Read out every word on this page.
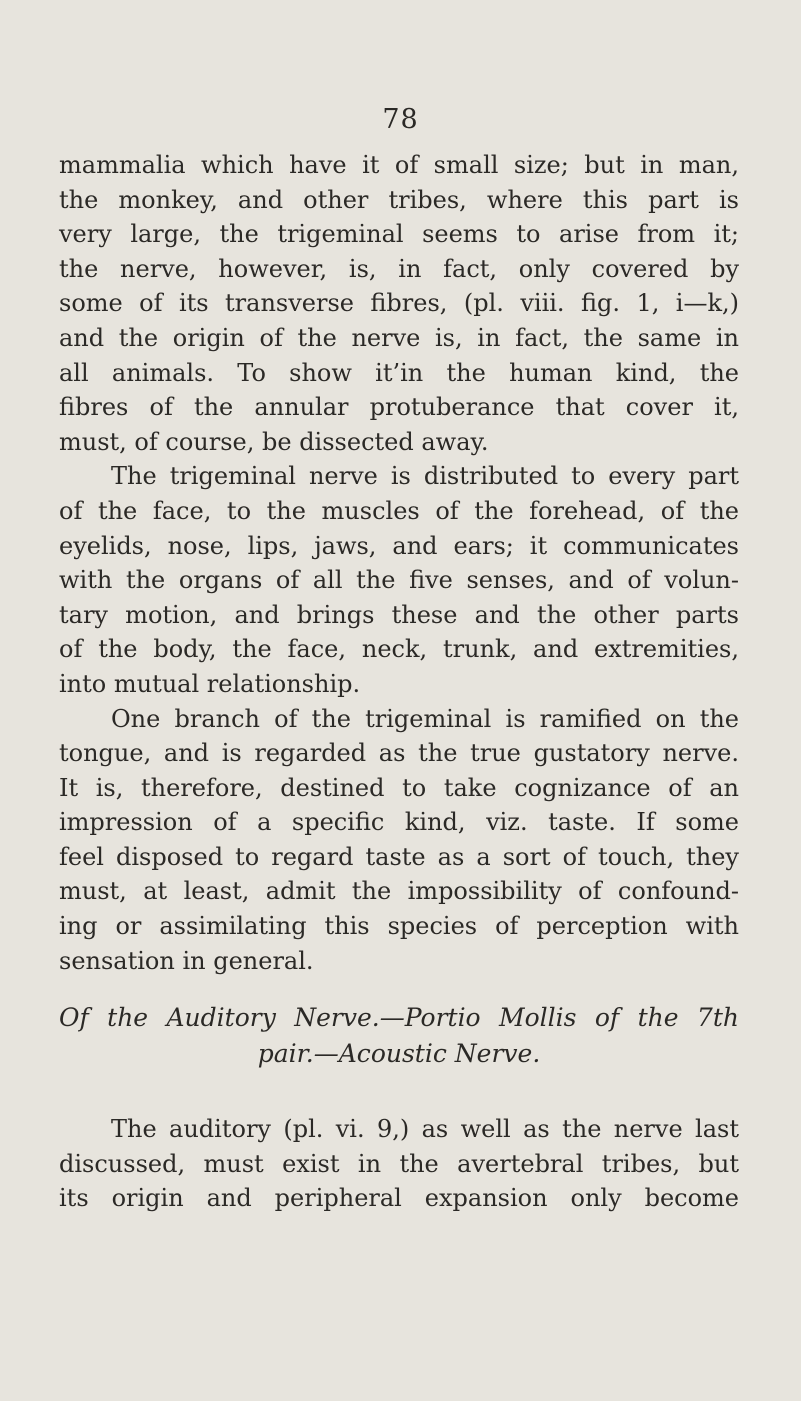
78

mammalia which have it of small size; but in man,
the monkey, and other tribes, where this part is
very large, the trigeminal seems to arise from it;
the nerve, however, is, in fact, only covered by
some of its transverse fibres, (pl. viii. fig. 1, i—k,)
and the origin of the nerve is, in fact, the same in
all animals. To show it’in the human kind, the
fibres of the annular protuberance that cover it,
must, of course, be dissected away.

The trigeminal nerve is distributed to every part
of the face, to the muscles of the forehead, of the
eyelids, nose, lips, jaws, and ears; it communicates
with the organs of all the five senses, and of volun-
tary motion, and brings these and the other parts
of the body, the face, neck, trunk, and extremities,
into mutual relationship.

One branch of the trigeminal is ramified on the
tongue, and is regarded as the true gustatory nerve.
It is, therefore, destined to take cognizance of an
impression of a specific kind, viz. taste. If some
feel disposed to regard taste as a sort of touch, they
must, at least, admit the impossibility of confound-
ing or assimilating this species of perception with
sensation in general.

Of the Auditory Nerve.—Portio Mollis of the 7th
pair.—Acoustic Nerve.

The auditory (pl. vi. 9,) as well as the nerve last
discussed, must exist in the avertebral tribes, but
its origin and peripheral expansion only become
